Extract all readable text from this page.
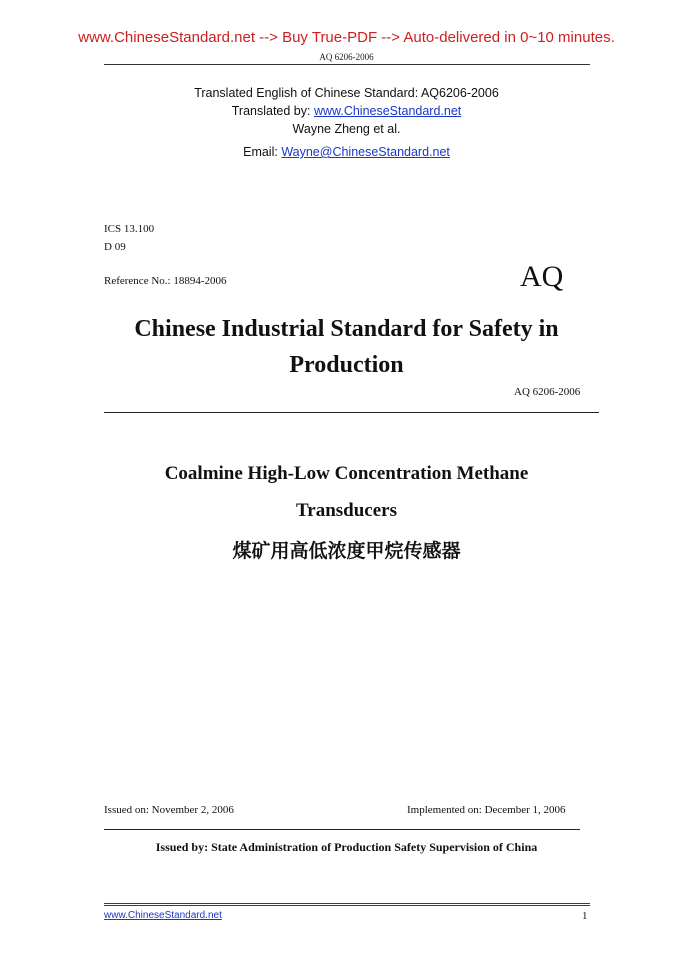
www.ChineseStandard.net --> Buy True-PDF --> Auto-delivered in 0~10 minutes.
AQ 6206-2006
Translated English of Chinese Standard: AQ6206-2006
Translated by: www.ChineseStandard.net
Wayne Zheng et al.
Email: Wayne@ChineseStandard.net
ICS 13.100
D 09
Reference No.: 18894-2006	AQ
Chinese Industrial Standard for Safety in
Production
AQ 6206-2006
Coalmine High-Low Concentration Methane
Transducers
煤矿用高低浓度甲烷传感器
Issued on: November 2, 2006	Implemented on: December 1, 2006
Issued by: State Administration of Production Safety Supervision of China
www.ChineseStandard.net	1
